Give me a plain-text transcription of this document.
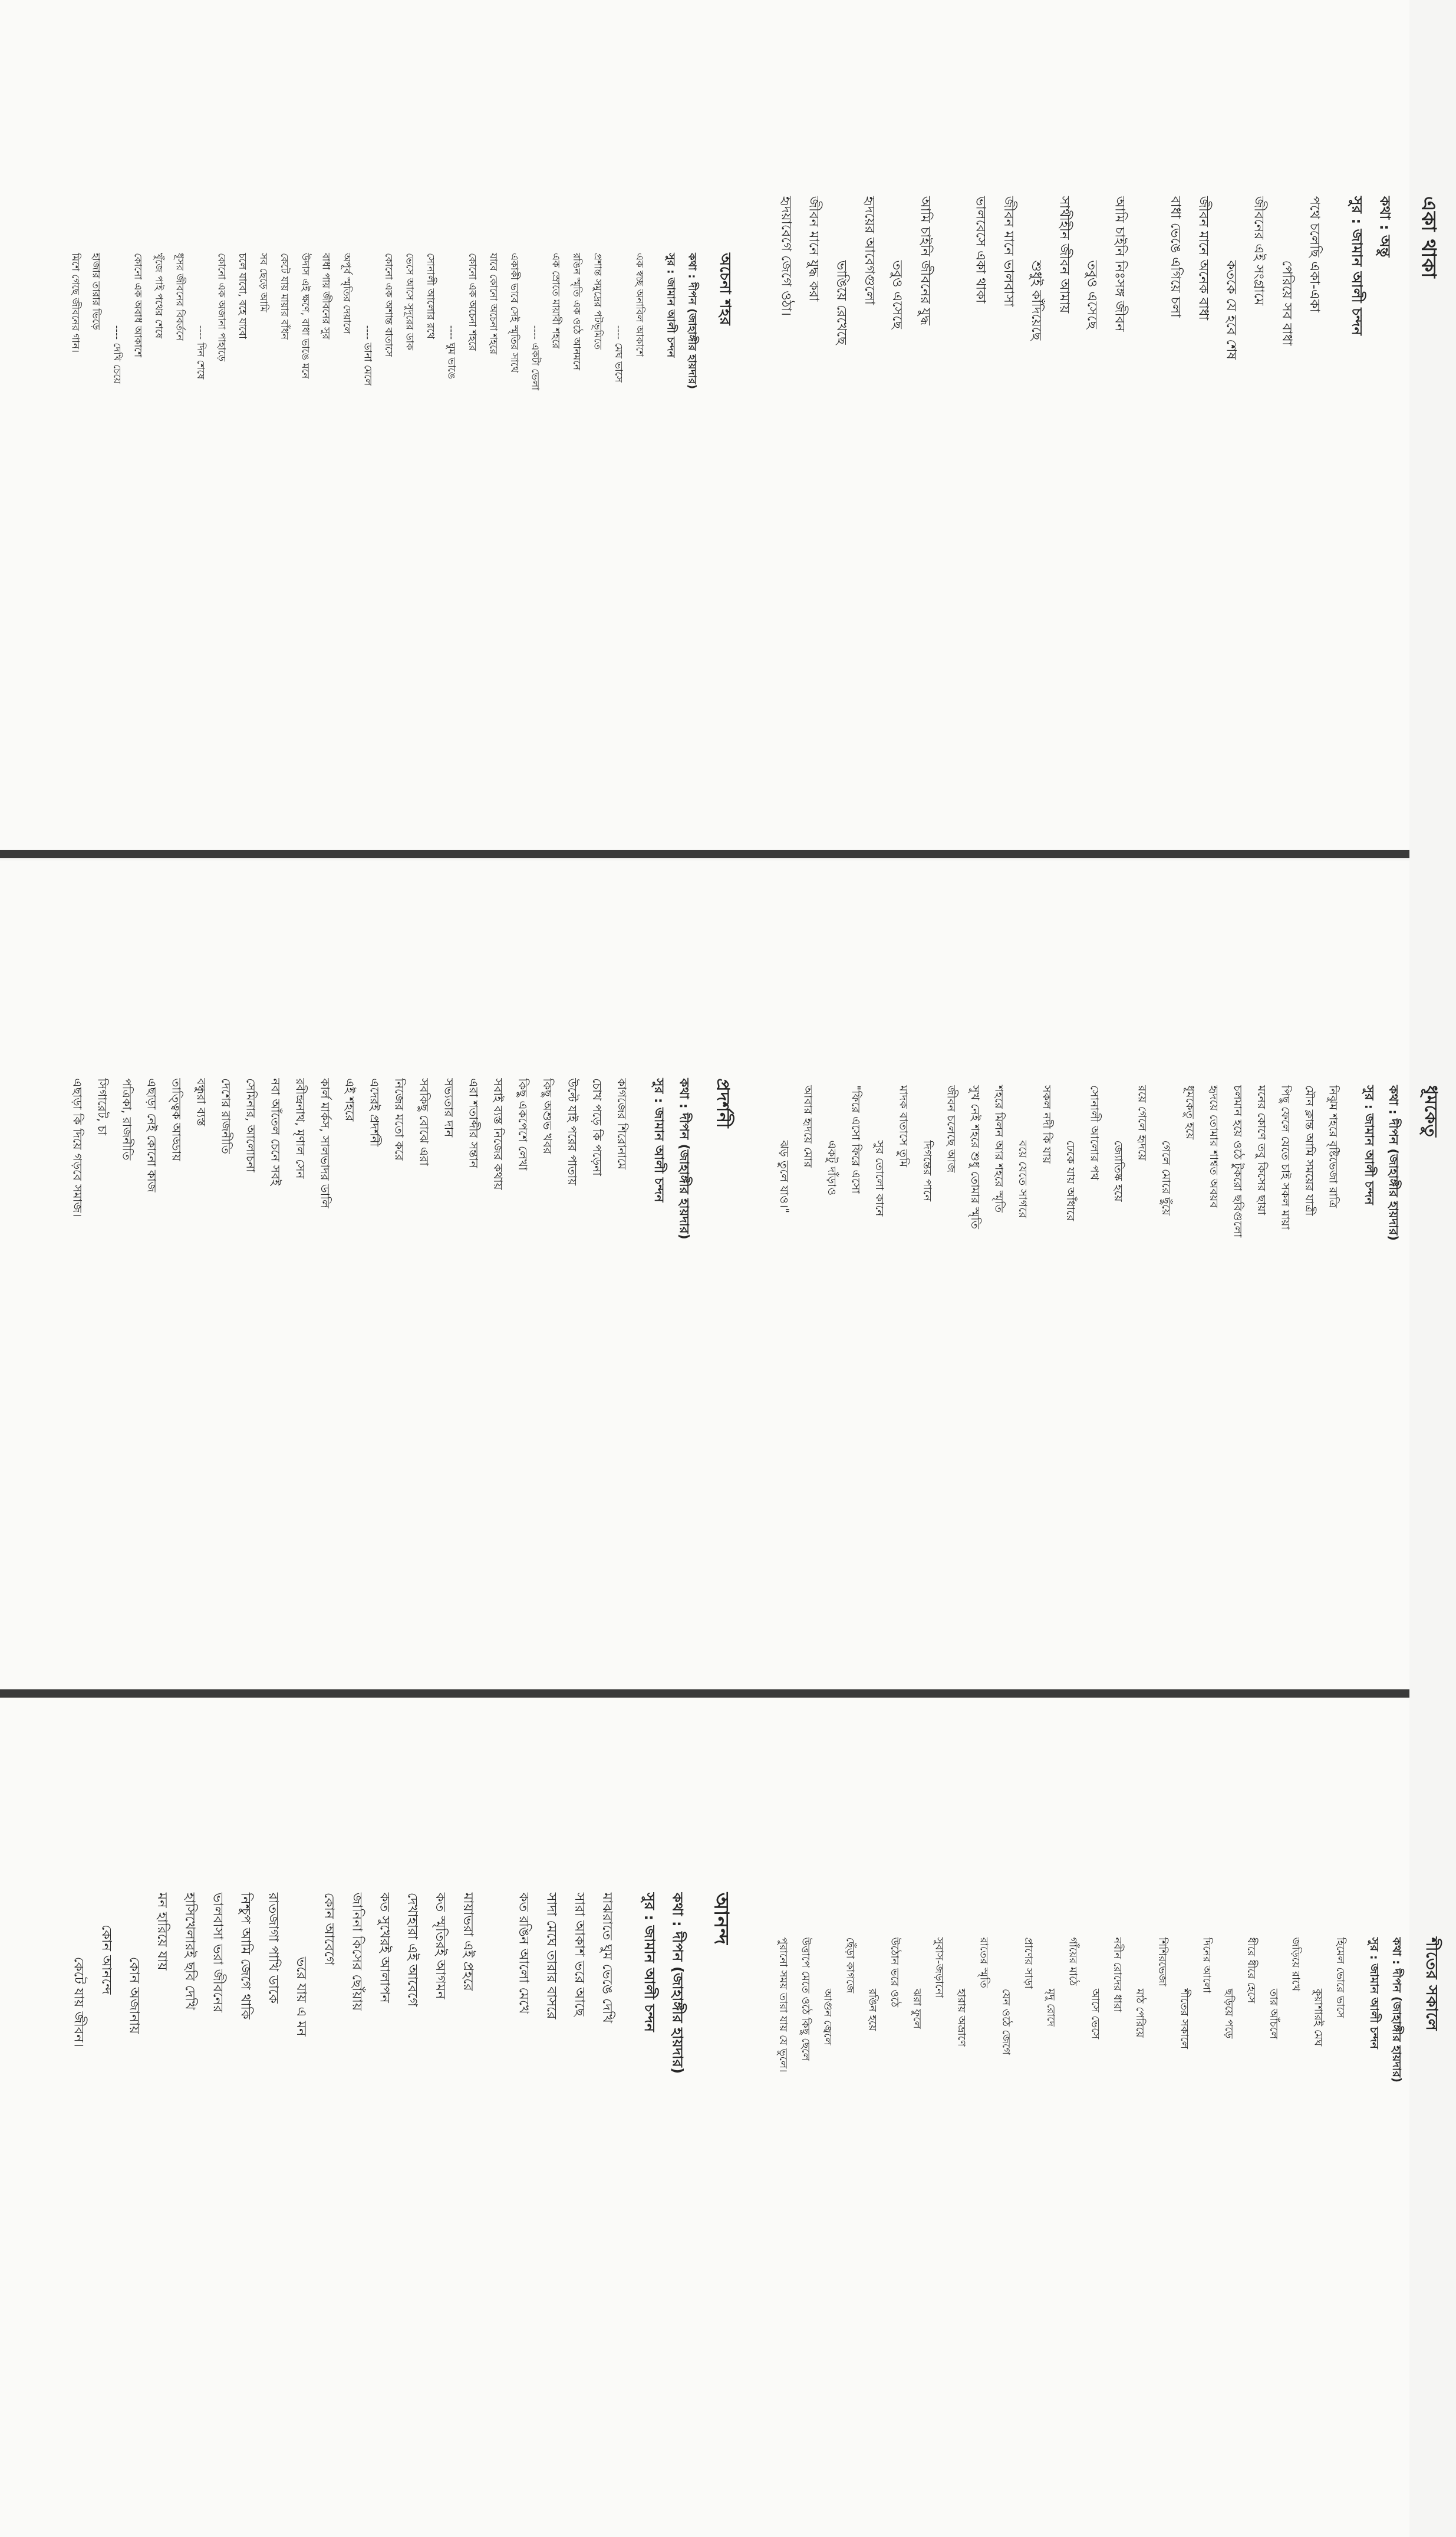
একা থাকা
কথা : অন্তু
সুর : জামান আলী চন্দন
পথে চলেছি একা-একা
পেরিয়ে সব বাধা
জীবনের এই সংগ্রামে
কতকে যে হবে শেষ
জীবন মানে অনেক বাধা
বাধা ভেঙে এগিয়ে চলা
আমি চাইনি নিঃসঙ্গ জীবন
তবুও এসেছে
সাথীহীন জীবন আমায়
শুধুই কাঁদিয়েছে
জীবন মানে ভালবাসা
ভালবেসে একা থাকা
আমি চাইনি জীবনের যুদ্ধ
তবুও এসেছে
হৃদয়ের আবেগগুলো
ভাঙিয়ে রেখেছে
জীবন মানে যুদ্ধ করা
হৃদয়াবেগে জেগে ওঠা।
অচেনা শহর
কথা : দীপন (জাহাঙ্গীর হায়দার)
সুর : জামান আলী চন্দন
এক স্বচ্ছ অনাবিল আকাশে
---- মেঘ ভাসে
প্রশান্ত সমুদ্রের পটভূমিতে
রঙিন স্মৃতি এক ওঠে আনমনে
এক স্রোতে মায়াবী শহরে
---- একটা ভেলা
একাকী ভাবে সেই স্মৃতির সাথে
যাবে কোনো অচেনা শহরে
কোনো এক অচেনা শহরে
---- ঘুম ভাঙে
সোনালী আলোর রথে
ভেসে আসে সুদূরের ডাক
কোনো এক অশান্ত বাতাসে
---- ডানা মেলে
অপূর্ব স্মৃতির দেয়ালে
বাধা পায় জীবনের সুর
উদাস এই ক্ষণে, বাধা ভাঙে মনে
কেটে যায় মায়ার বাঁধন
সব ছেড়ে আমি
চলে যাবো, বহে যাবো
কোনো এক অজানা পাহাড়ে
---- দিন শেষে
ধূসর জীবনের বিবর্তনে
খুঁজে পাই পথের শেষে
কোনো এক অবাধ আকাশে
---- দেখি চেয়ে
হাজার তারার ভিড়ে
মিশে গেছে জীবনের গান।
ধূমকেতু
কথা : দীপন (জাহাঙ্গীর হায়দার)
সুর : জামান আলী চন্দন
নিঝুম শহরে বৃষ্টিভেজা রাত্রি
মৌন ক্লান্ত আমি সময়ের যাত্রী
পিছু ফেলে যেতে চাই সকল মায়া
মনের কোণে তবু কিসের ছায়া
চলমান হয়ে ওঠে টুকরো ছবিগুলো
হৃদয়ে তোমার শাশ্বত অবয়ব
ধূমকেতু হয়ে
গেলে মোরে ছুঁয়ে
রয়ে গেলে হৃদয়ে
জ্যোতিষ্ক হয়ে
সোনালী আলোর পথ
ঢেকে যায় আঁধারে
সকল নদী কি যায়
বয়ে যেতে সাগরে
শহরে মিলন আর শহরে স্মৃতি
সুখ নেই শহরে শুধু তোমার স্মৃতি
জীবন চলেছে আজ
দিগন্তের পানে
মাদক বাতাসে তুমি
সুর তোলো কানে
"ফিরে এসো ফিরে এসো
একটু দাঁড়াও
আবার হৃদয়ে মোর
ঝড় তুলে যাও।"
প্রদর্শনী
কথা : দীপন (জাহাঙ্গীর হায়দার)
সুর : জামান আলী চন্দন
কাগজের শিরোনামে
চোখ পড়ে কি পড়েনা
উল্টে যাই পরের পাতায়
কিছু অশুভ খবর
কিছু একপেশে লেখা
সবাই ব্যস্ত নিজের কথায়
এরা শতাব্দীর সন্তান
সভ্যতার দান
সবকিছু বোঝে এরা
নিজের মতো করে
এদেরই প্রদর্শনী
এই শহরে
কার্ল মার্কস, সালভাদর ডালি
রবীন্দ্রনাথ, মৃণাল সেন
নবা আঁতেল চেনে সবই
সেমিনার, আলোচনা
দেশের রাজনীতি
বন্ধুরা ব্যস্ত
তাত্ত্বিক আড্ডায়
এছাড়া নেই কোনো কাজ
পত্রিকা, রাজনীতি
সিগারেট, চা
এছাড়া কি দিয়ে গড়বে সমাজ।
শীতের সকালে
কথা : দীপন (জাহাঙ্গীর হায়দার)
সুর : জামান আলী চন্দন
হিমেল ভোরে ভাসে
কুয়াশারই মেঘ
জড়িয়ে রাখে
তার আঁচলে
ধীরে ধীরে হেসে
ছড়িয়ে পড়ে
দিনের আলো
শীতের সকালে
শিশিরভেজা
মাঠ পেরিয়ে
নবীন রোদের ধারা
আসে ভেসে
গাঁয়ের মাঠে
মৃদু রোদে
প্রাণের সাড়া
যেন ওঠে জেগে
রাতের স্মৃতি
হারায় অভ্রাণে
সুবাস-জড়ানো
ঝরা ফুলে
উঠোন ভরে ওঠে
রঙিন হয়ে
ছেঁড়া কাগজে
আগুন জ্বেলে
উত্তাপে মেতে ওঠে কিছু ছেলে
পুরানো সময় তারা যায় যে ভুলে।
আনন্দ
কথা : দীপন (জাহাঙ্গীর হায়দার)
সুর : জামান আলী চন্দন
মাঝরাতে ঘুম ভেঙে দেখি
সারা আকাশ ভরে আছে
সাদা মেঘে তারার বাসরে
কত রঙিন আলো মেখে
মায়াভরা এই প্রহরে
কত স্মৃতিরই আগমন
দেখাহারা এই আবেগে
কত সুখেরই আলাপন
জানিনা কিসের ছোঁয়ায়
কোন আবেগে
ভরে যায় এ মন
রাতজাগা পাখি ডাকে
নিশ্চুপ আমি জেগে থাকি
ভালবাসা ভরা জীবনের
হাসিখেলারই ছবি দেখি
মন হারিয়ে যায়
কোন অজানায়
কোন আনন্দে
কেটে যায় জীবন।
